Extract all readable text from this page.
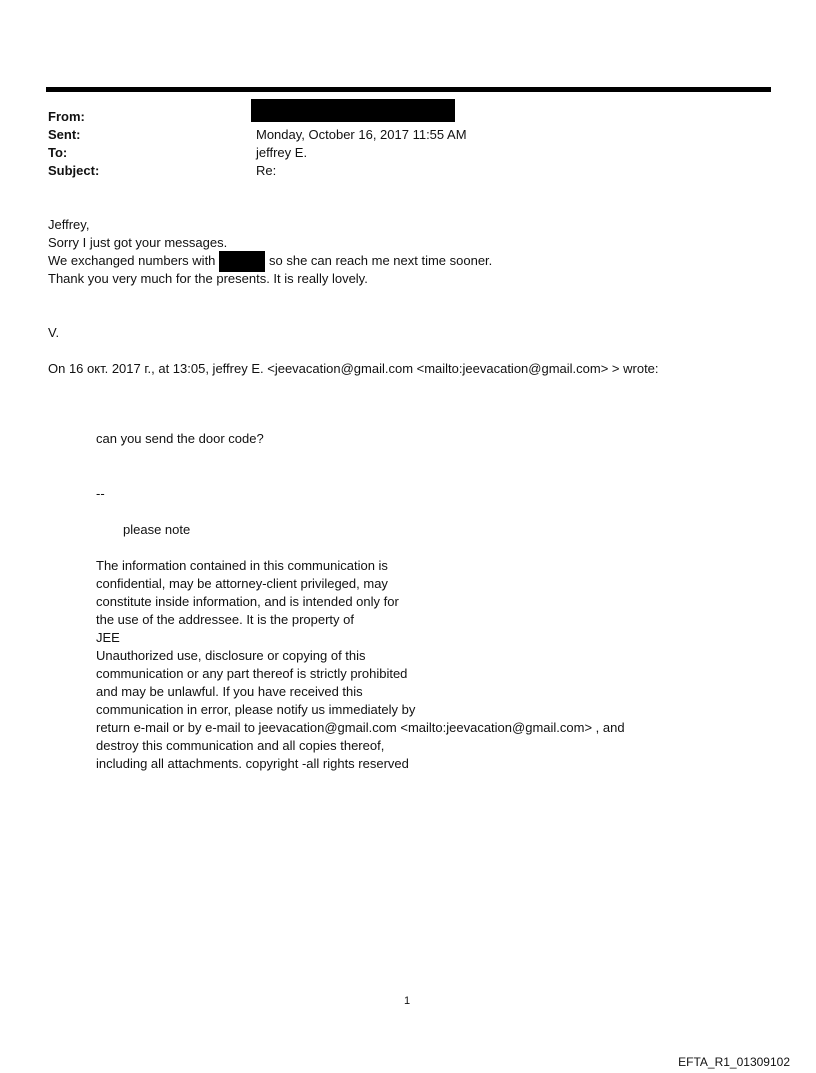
From:
Sent:
To:
Subject:
Monday, October 16, 2017 11:55 AM
jeffrey E.
Re:
Jeffrey,
Sorry I just got your messages.
We exchanged numbers with	so she can reach me next time sooner.
Thank you very much for the presents. It is really lovely.
V.
On 16 окт. 2017 г., at 13:05, jeffrey E. <jeevacation@gmail.com <mailto:jeevacation@gmail.com> > wrote:
can you send the door code?
--
please note
The information contained in this communication is
confidential, may be attorney-client privileged, may
constitute inside information, and is intended only for
the use of the addressee. It is the property of
JEE
Unauthorized use, disclosure or copying of this
communication or any part thereof is strictly prohibited
and may be unlawful. If you have received this
communication in error, please notify us immediately by
return e-mail or by e-mail to jeevacation@gmail.com <mailto:jeevacation@gmail.com> , and
destroy this communication and all copies thereof,
including all attachments. copyright -all rights reserved
1
EFTA_R1_01309102
